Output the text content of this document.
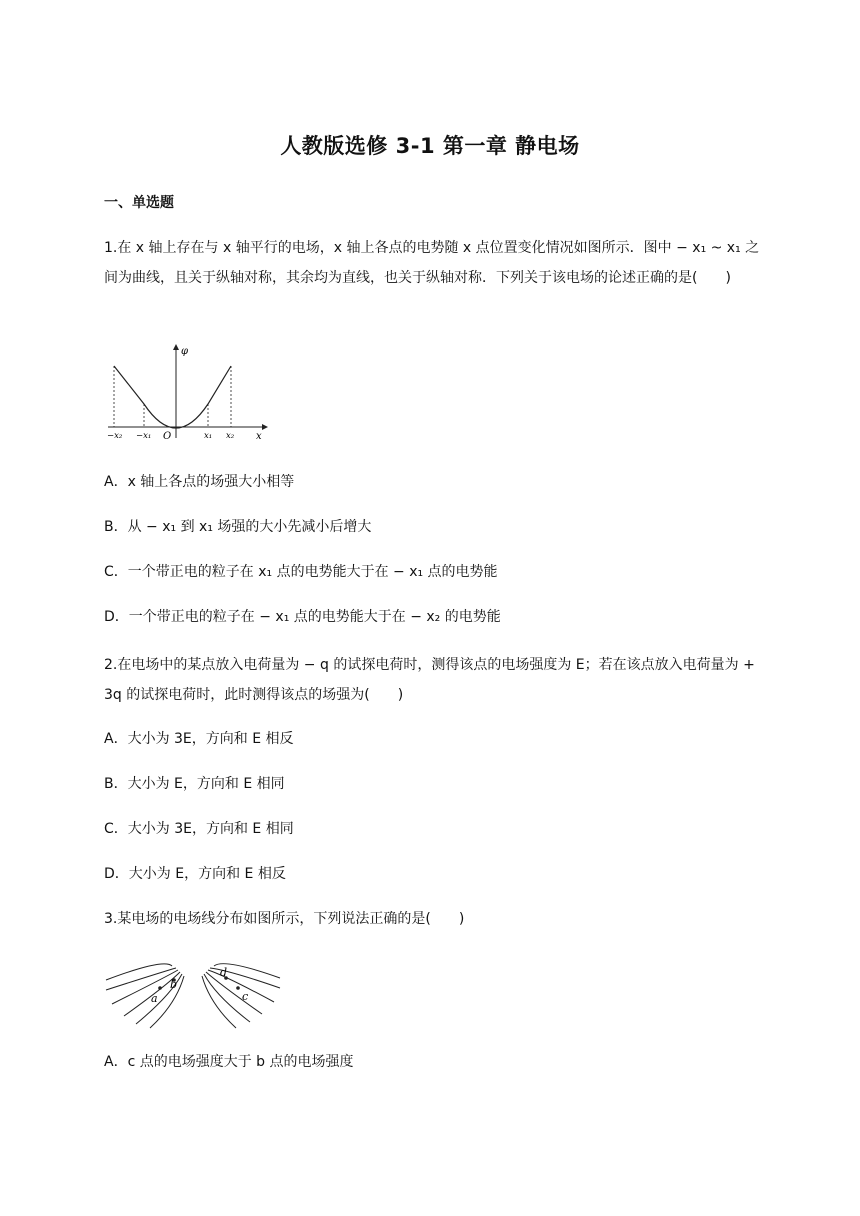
人教版选修 3-1 第一章 静电场
一、单选题
1.在 x 轴上存在与 x 轴平行的电场，x 轴上各点的电势随 x 点位置变化情况如图所示．图中 − x₁ ~ x₁ 之间为曲线，且关于纵轴对称，其余均为直线，也关于纵轴对称．下列关于该电场的论述正确的是(　　)
φ
x
O
−x₂ −x₁	x₁ x₂
A．x 轴上各点的场强大小相等
B．从 − x₁ 到 x₁ 场强的大小先减小后增大
C．一个带正电的粒子在 x₁ 点的电势能大于在 − x₁ 点的电势能
D．一个带正电的粒子在 − x₁ 点的电势能大于在 − x₂ 的电势能
2.在电场中的某点放入电荷量为 − q 的试探电荷时，测得该点的电场强度为 E；若在该点放入电荷量为 + 3q 的试探电荷时，此时测得该点的场强为(　　)
A．大小为 3E，方向和 E 相反
B．大小为 E，方向和 E 相同
C．大小为 3E，方向和 E 相同
D．大小为 E，方向和 E 相反
3.某电场的电场线分布如图所示，下列说法正确的是(　　)
a
b
c
d
A．c 点的电场强度大于 b 点的电场强度
